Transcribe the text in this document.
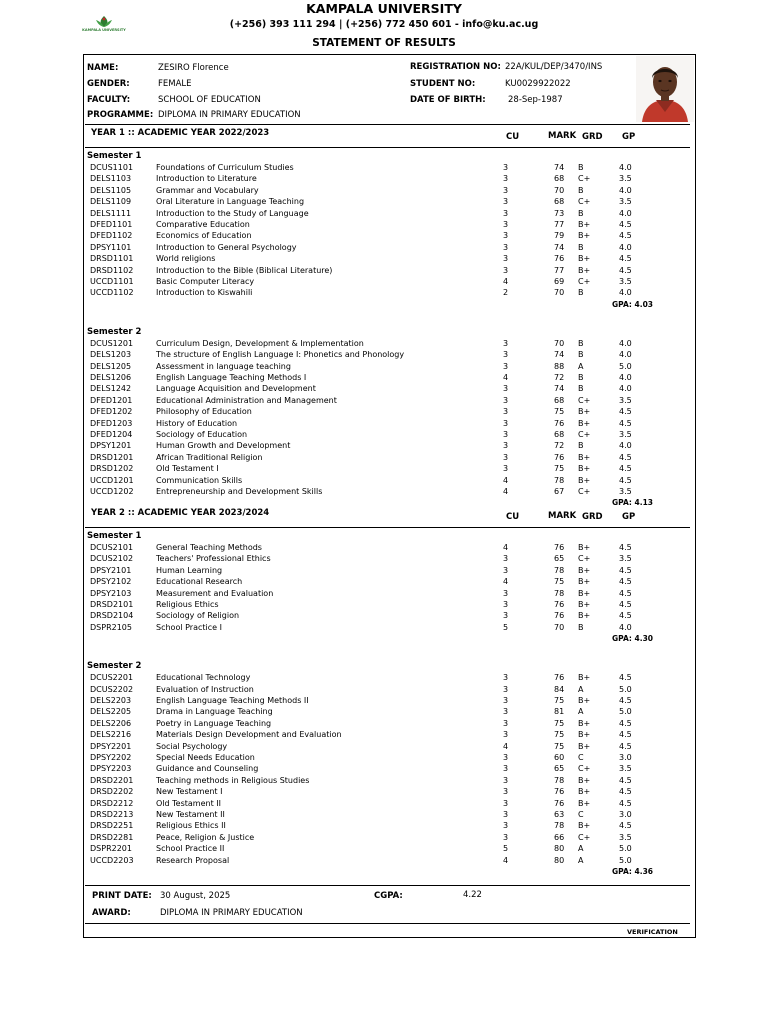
KAMPALA UNIVERSITY
KAMPALA UNIVERSITY
(+256) 393 111 294 | (+256) 772 450 601 - info@ku.ac.ug
STATEMENT OF RESULTS
NAME:	ZESIRO Florence
GENDER:	FEMALE
FACULTY:	SCHOOL OF EDUCATION
PROGRAMME: DIPLOMA IN PRIMARY EDUCATION
REGISTRATION NO: 22A/KUL/DEP/3470/INS
STUDENT NO:	KU0029922022
DATE OF BIRTH:	28-Sep-1987
YEAR 1 :: ACADEMIC YEAR 2022/2023	CU	MARK GRD GP
Semester 1
DCUS1101	Foundations of Curriculum Studies	3	74 B	4.0
DELS1103	Introduction to Literature	3	68 C+	3.5
DELS1105	Grammar and Vocabulary	3	70 B	4.0
DELS1109	Oral Literature in Language Teaching	3	68 C+	3.5
DELS1111	Introduction to the Study of Language	3	73 B	4.0
DFED1101	Comparative Education	3	77 B+	4.5
DFED1102	Economics of Education	3	79 B+	4.5
DPSY1101	Introduction to General Psychology	3	74 B	4.0
DRSD1101	World religions	3	76 B+	4.5
DRSD1102	Introduction to the Bible (Biblical Literature)	3	77 B+	4.5
UCCD1101	Basic Computer Literacy	4	69 C+	3.5
UCCD1102	Introduction to Kiswahili	2	70 B	4.0
GPA: 4.03
Semester 2
DCUS1201	Curriculum Design, Development & Implementation	3	70 B	4.0
DELS1203	The structure of English Language I: Phonetics and Phonology	3	74 B	4.0
DELS1205	Assessment in language teaching	3	88 A	5.0
DELS1206	English Language Teaching Methods I	4	72 B	4.0
DELS1242	Language Acquisition and Development	3	74 B	4.0
DFED1201	Educational Administration and Management	3	68 C+	3.5
DFED1202	Philosophy of Education	3	75 B+	4.5
DFED1203	History of Education	3	76 B+	4.5
DFED1204	Sociology of Education	3	68 C+	3.5
DPSY1201	Human Growth and Development	3	72 B	4.0
DRSD1201	African Traditional Religion	3	76 B+	4.5
DRSD1202	Old Testament I	3	75 B+	4.5
UCCD1201	Communication Skills	4	78 B+	4.5
UCCD1202	Entrepreneurship and Development Skills	4	67 C+	3.5
GPA: 4.13
YEAR 2 :: ACADEMIC YEAR 2023/2024	CU	MARK GRD GP
Semester 1
DCUS2101	General Teaching Methods	4	76 B+	4.5
DCUS2102	Teachers' Professional Ethics	3	65 C+	3.5
DPSY2101	Human Learning	3	78 B+	4.5
DPSY2102	Educational Research	4	75 B+	4.5
DPSY2103	Measurement and Evaluation	3	78 B+	4.5
DRSD2101	Religious Ethics	3	76 B+	4.5
DRSD2104	Sociology of Religion	3	76 B+	4.5
DSPR2105	School Practice I	5	70 B	4.0
GPA: 4.30
Semester 2
DCUS2201	Educational Technology	3	76 B+	4.5
DCUS2202	Evaluation of Instruction	3	84 A	5.0
DELS2203	English Language Teaching Methods II	3	75 B+	4.5
DELS2205	Drama in Language Teaching	3	81 A	5.0
DELS2206	Poetry in Language Teaching	3	75 B+	4.5
DELS2216	Materials Design Development and Evaluation	3	75 B+	4.5
DPSY2201	Social Psychology	4	75 B+	4.5
DPSY2202	Special Needs Education	3	60 C	3.0
DPSY2203	Guidance and Counseling	3	65 C+	3.5
DRSD2201	Teaching methods in Religious Studies	3	78 B+	4.5
DRSD2202	New Testament I	3	76 B+	4.5
DRSD2212	Old Testament II	3	76 B+	4.5
DRSD2213	New Testament II	3	63 C	3.0
DRSD2251	Religious Ethics II	3	78 B+	4.5
DRSD2281	Peace, Religion & Justice	3	66 C+	3.5
DSPR2201	School Practice II	5	80 A	5.0
UCCD2203	Research Proposal	4	80 A	5.0
GPA: 4.36
PRINT DATE: 30 August, 2025	CGPA:	4.22
AWARD:	DIPLOMA IN PRIMARY EDUCATION
VERIFICATION
